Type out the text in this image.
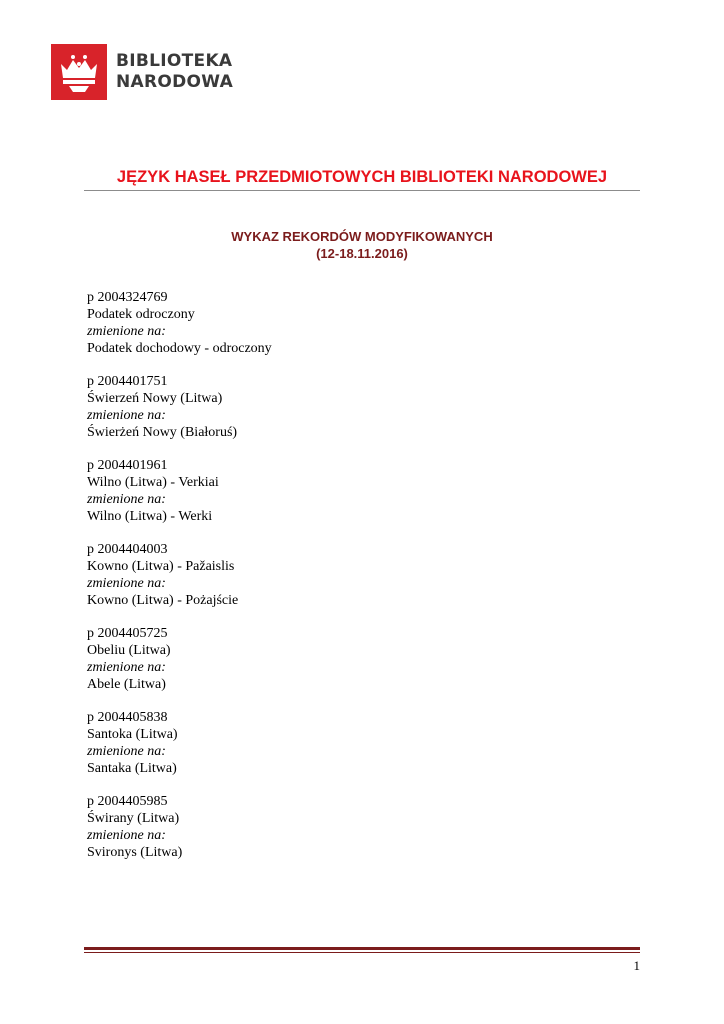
BIBLIOTEKA
NARODOWA
JĘZYK HASEŁ PRZEDMIOTOWYCH BIBLIOTEKI NARODOWEJ
WYKAZ REKORDÓW MODYFIKOWANYCH
(12-18.11.2016)
p 2004324769
Podatek odroczony
zmienione na:
Podatek dochodowy - odroczony
p 2004401751
Świerzeń Nowy (Litwa)
zmienione na:
Świerżeń Nowy (Białoruś)
p 2004401961
Wilno (Litwa) - Verkiai
zmienione na:
Wilno (Litwa) - Werki
p 2004404003
Kowno (Litwa) - Pažaislis
zmienione na:
Kowno (Litwa) - Pożajście
p 2004405725
Obeliu (Litwa)
zmienione na:
Abele (Litwa)
p 2004405838
Santoka (Litwa)
zmienione na:
Santaka (Litwa)
p 2004405985
Świrany (Litwa)
zmienione na:
Svironys (Litwa)
1
